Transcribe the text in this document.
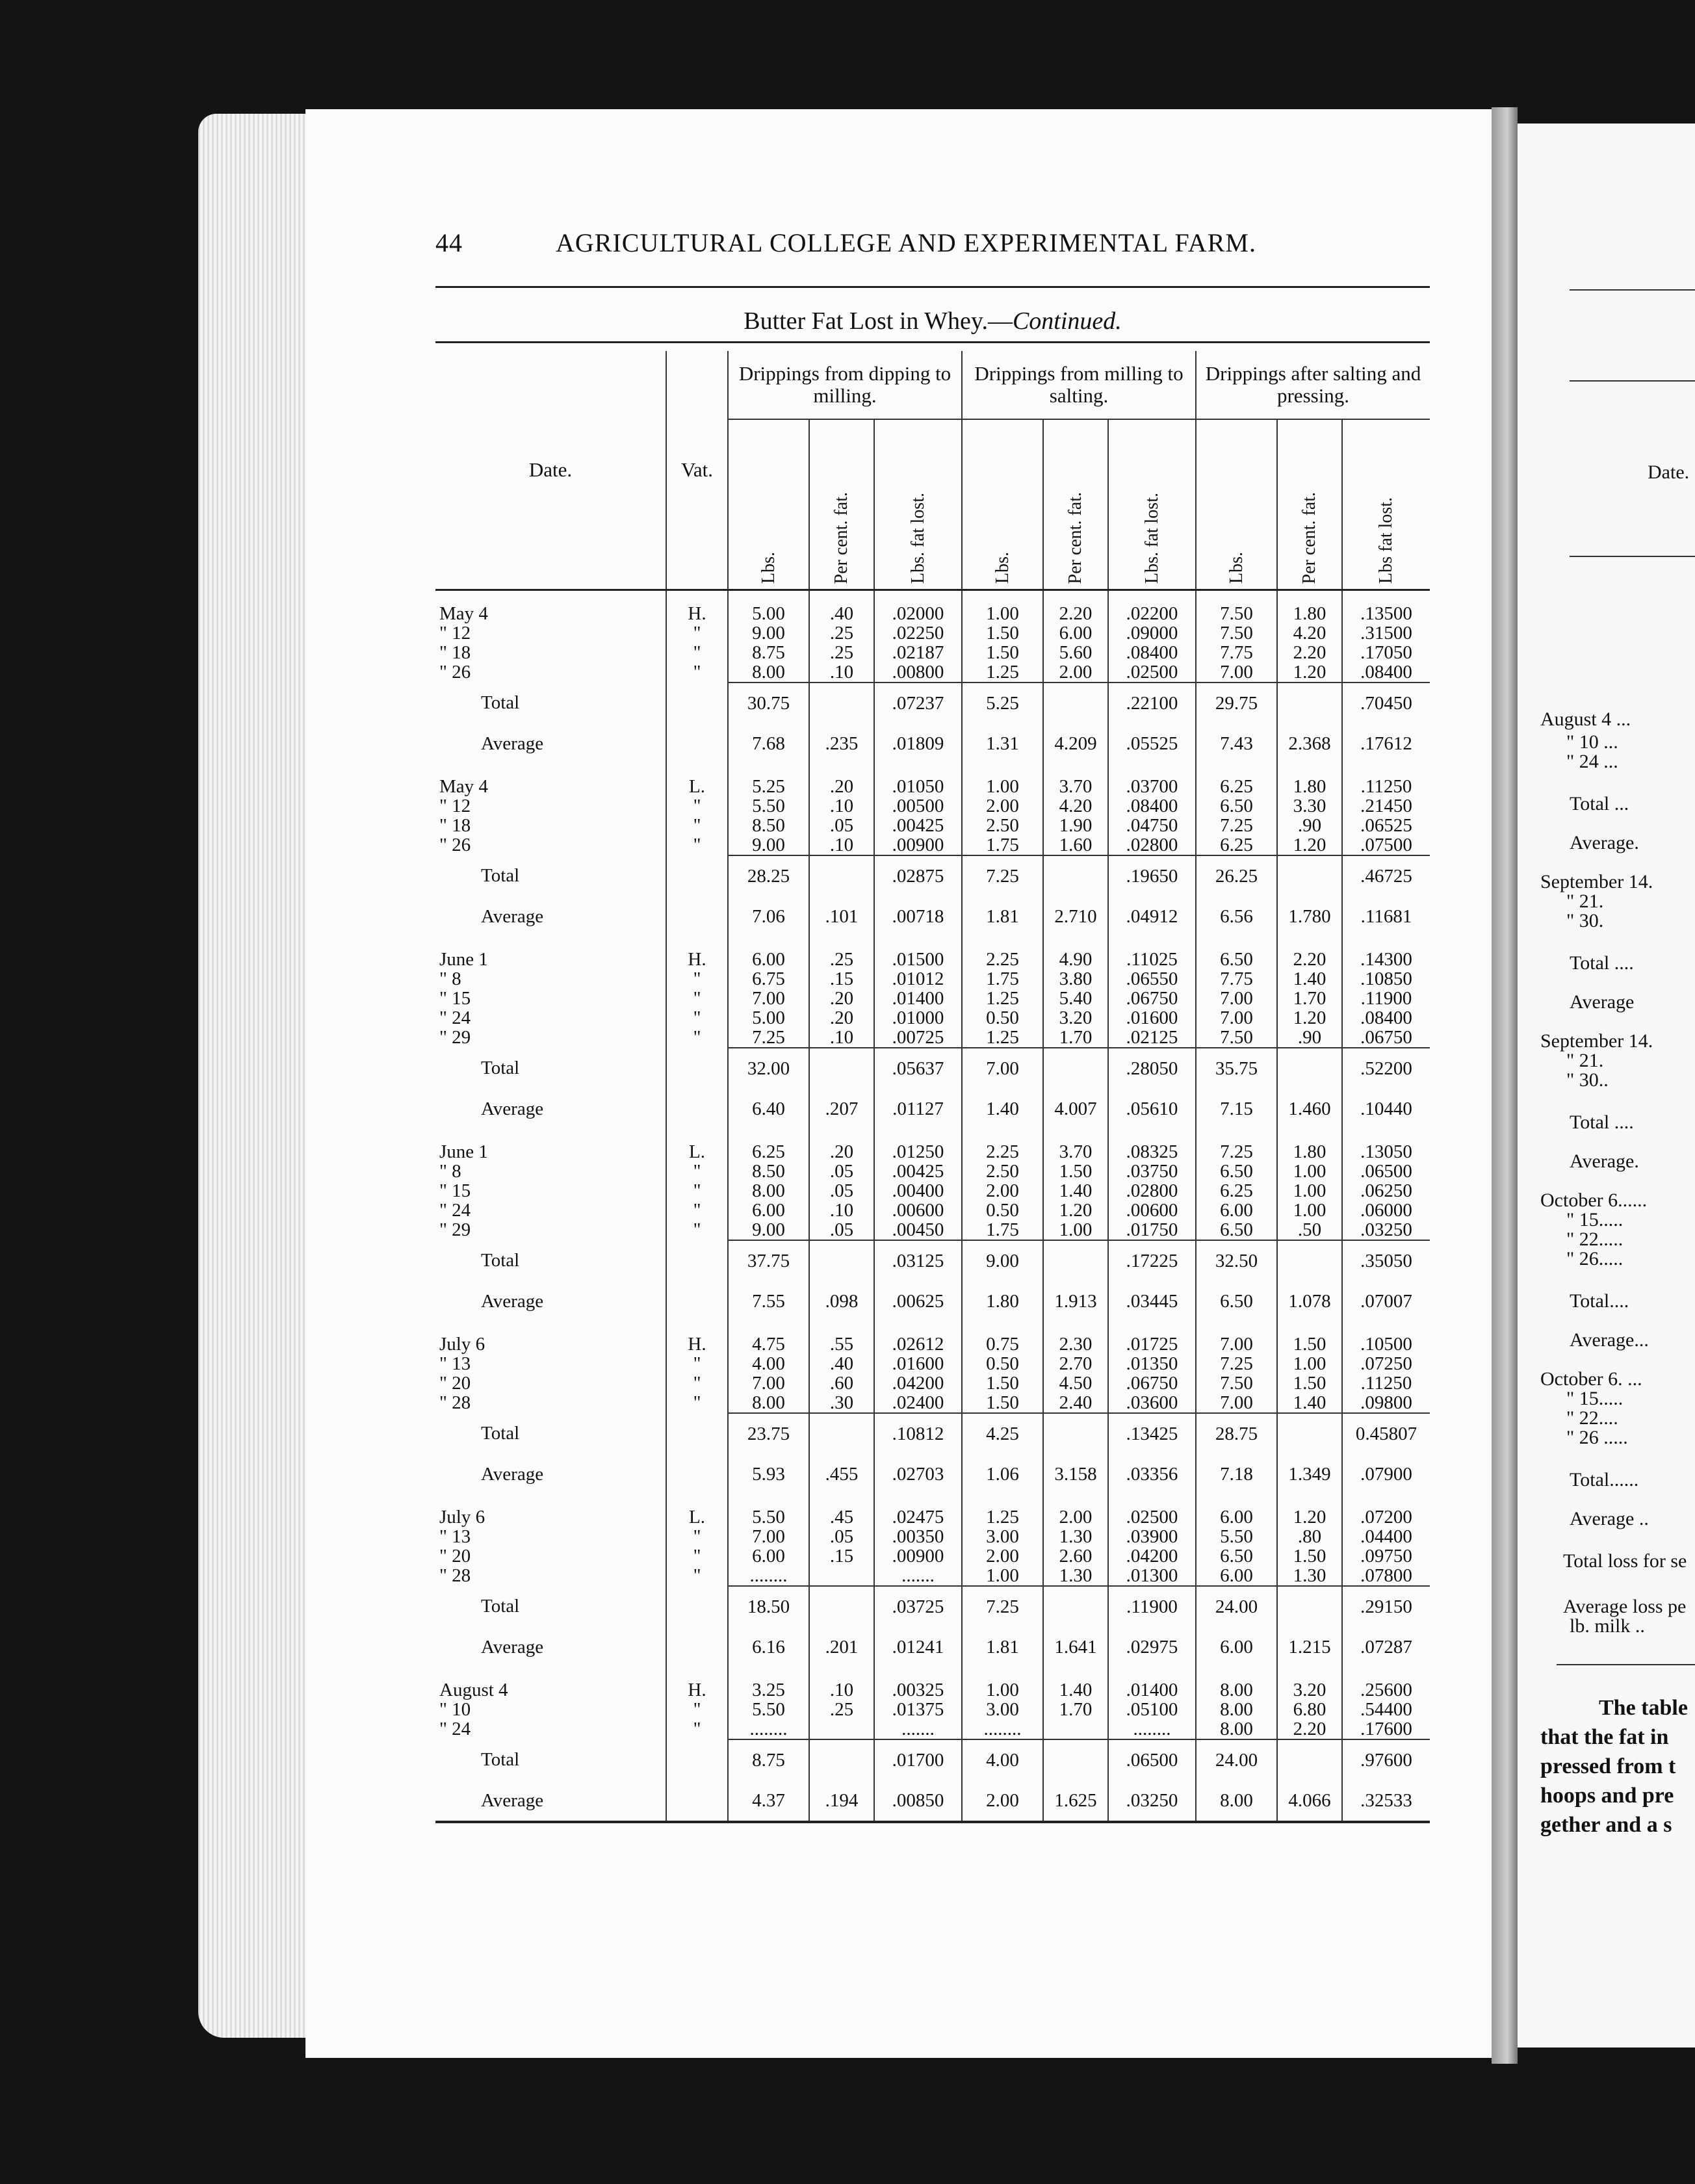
44	AGRICULTURAL COLLEGE AND EXPERIMENTAL FARM.
Butter Fat Lost in Whey.—Continued.
Date.	Vat.	Drippings from dipping to milling.			Drippings from milling to salting.			Drippings after salting and pressing.		
		Lbs.	Per cent. fat.	Lbs. fat lost.	Lbs.	Per cent. fat.	Lbs. fat lost.	Lbs.	Per cent. fat.	Lbs fat lost.
May 4	H.	5.00	.40	.02000	1.00	2.20	.02200	7.50	1.80	.13500
" 12	"	9.00	.25	.02250	1.50	6.00	.09000	7.50	4.20	.31500
" 18	"	8.75	.25	.02187	1.50	5.60	.08400	7.75	2.20	.17050
" 26	"	8.00	.10	.00800	1.25	2.00	.02500	7.00	1.20	.08400
Total		30.75		.07237	5.25		.22100	29.75		.70450
Average		7.68	.235	.01809	1.31	4.209	.05525	7.43	2.368	.17612
May 4	L.	5.25	.20	.01050	1.00	3.70	.03700	6.25	1.80	.11250
" 12	"	5.50	.10	.00500	2.00	4.20	.08400	6.50	3.30	.21450
" 18	"	8.50	.05	.00425	2.50	1.90	.04750	7.25	.90	.06525
" 26	"	9.00	.10	.00900	1.75	1.60	.02800	6.25	1.20	.07500
Total		28.25		.02875	7.25		.19650	26.25		.46725
Average		7.06	.101	.00718	1.81	2.710	.04912	6.56	1.780	.11681
June 1	H.	6.00	.25	.01500	2.25	4.90	.11025	6.50	2.20	.14300
" 8	"	6.75	.15	.01012	1.75	3.80	.06550	7.75	1.40	.10850
" 15	"	7.00	.20	.01400	1.25	5.40	.06750	7.00	1.70	.11900
" 24	"	5.00	.20	.01000	0.50	3.20	.01600	7.00	1.20	.08400
" 29	"	7.25	.10	.00725	1.25	1.70	.02125	7.50	.90	.06750
Total		32.00		.05637	7.00		.28050	35.75		.52200
Average		6.40	.207	.01127	1.40	4.007	.05610	7.15	1.460	.10440
June 1	L.	6.25	.20	.01250	2.25	3.70	.08325	7.25	1.80	.13050
" 8	"	8.50	.05	.00425	2.50	1.50	.03750	6.50	1.00	.06500
" 15	"	8.00	.05	.00400	2.00	1.40	.02800	6.25	1.00	.06250
" 24	"	6.00	.10	.00600	0.50	1.20	.00600	6.00	1.00	.06000
" 29	"	9.00	.05	.00450	1.75	1.00	.01750	6.50	.50	.03250
Total		37.75		.03125	9.00		.17225	32.50		.35050
Average		7.55	.098	.00625	1.80	1.913	.03445	6.50	1.078	.07007
July 6	H.	4.75	.55	.02612	0.75	2.30	.01725	7.00	1.50	.10500
" 13	"	4.00	.40	.01600	0.50	2.70	.01350	7.25	1.00	.07250
" 20	"	7.00	.60	.04200	1.50	4.50	.06750	7.50	1.50	.11250
" 28	"	8.00	.30	.02400	1.50	2.40	.03600	7.00	1.40	.09800
Total		23.75		.10812	4.25		.13425	28.75		0.45807
Average		5.93	.455	.02703	1.06	3.158	.03356	7.18	1.349	.07900
July 6	L.	5.50	.45	.02475	1.25	2.00	.02500	6.00	1.20	.07200
" 13	"	7.00	.05	.00350	3.00	1.30	.03900	5.50	.80	.04400
" 20	"	6.00	.15	.00900	2.00	2.60	.04200	6.50	1.50	.09750
" 28	"	........		.......	1.00	1.30	.01300	6.00	1.30	.07800
Total		18.50		.03725	7.25		.11900	24.00		.29150
Average		6.16	.201	.01241	1.81	1.641	.02975	6.00	1.215	.07287
August 4	H.	3.25	.10	.00325	1.00	1.40	.01400	8.00	3.20	.25600
" 10	"	5.50	.25	.01375	3.00	1.70	.05100	8.00	6.80	.54400
" 24	"	........		.......	........		........	8.00	2.20	.17600
Total		8.75		.01700	4.00		.06500	24.00		.97600
Average		4.37	.194	.00850	2.00	1.625	.03250	8.00	4.066	.32533
Date.
August 4 ...
" 10 ...
" 24 ...
Total ...
Average.
September 14.
" 21.
" 30.
Total ....
Average
September 14.
" 21.
" 30..
Total ....
Average.
October 6......
" 15.....
" 22.....
" 26.....
Total....
Average...
October 6. ...
" 15.....
" 22....
" 26 .....
Total......
Average ..
Total loss for se
Average loss pe
lb. milk ..
The table
that the fat in
pressed from t
hoops and pre
gether and a s
